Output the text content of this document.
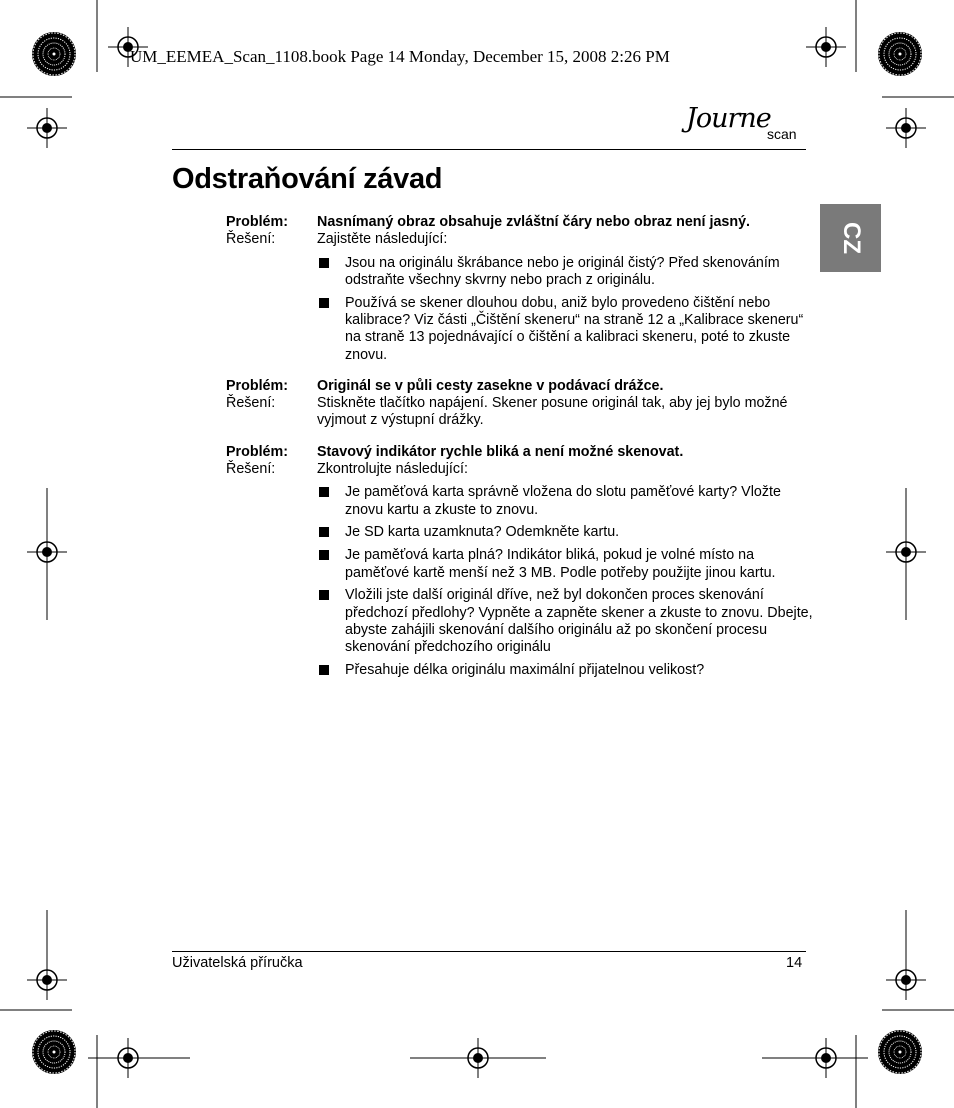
UM_EEMEA_Scan_1108.book Page 14 Monday, December 15, 2008 2:26 PM
Journe
scan
Odstraňování závad
CZ
Problém:	Nasnímaný obraz obsahuje zvláštní čáry nebo obraz není jasný.
Řešení:	Zajistěte následující:
Jsou na originálu škrábance nebo je originál čistý? Před skenováním odstraňte všechny skvrny nebo prach z originálu.
Používá se skener dlouhou dobu, aniž bylo provedeno čištění nebo kalibrace? Viz části „Čištění skeneru“ na straně 12 a „Kalibrace skeneru“ na straně 13 pojednávající o čištění a kalibraci skeneru, poté to zkuste znovu.
Problém:	Originál se v půli cesty zasekne v podávací drážce.
Řešení:	Stiskněte tlačítko napájení. Skener posune originál tak, aby jej bylo možné vyjmout z výstupní drážky.
Problém:	Stavový indikátor rychle bliká a není možné skenovat.
Řešení:	Zkontrolujte následující:
Je paměťová karta správně vložena do slotu paměťové karty? Vložte znovu kartu a zkuste to znovu.
Je SD karta uzamknuta? Odemkněte kartu.
Je paměťová karta plná? Indikátor bliká, pokud je volné místo na paměťové kartě menší než 3 MB. Podle potřeby použijte jinou kartu.
Vložili jste další originál dříve, než byl dokončen proces skenování předchozí předlohy? Vypněte a zapněte skener a zkuste to znovu. Dbejte, abyste zahájili skenování dalšího originálu až po skončení procesu skenování předchozího originálu
Přesahuje délka originálu maximální přijatelnou velikost?
Uživatelská příručka	14
